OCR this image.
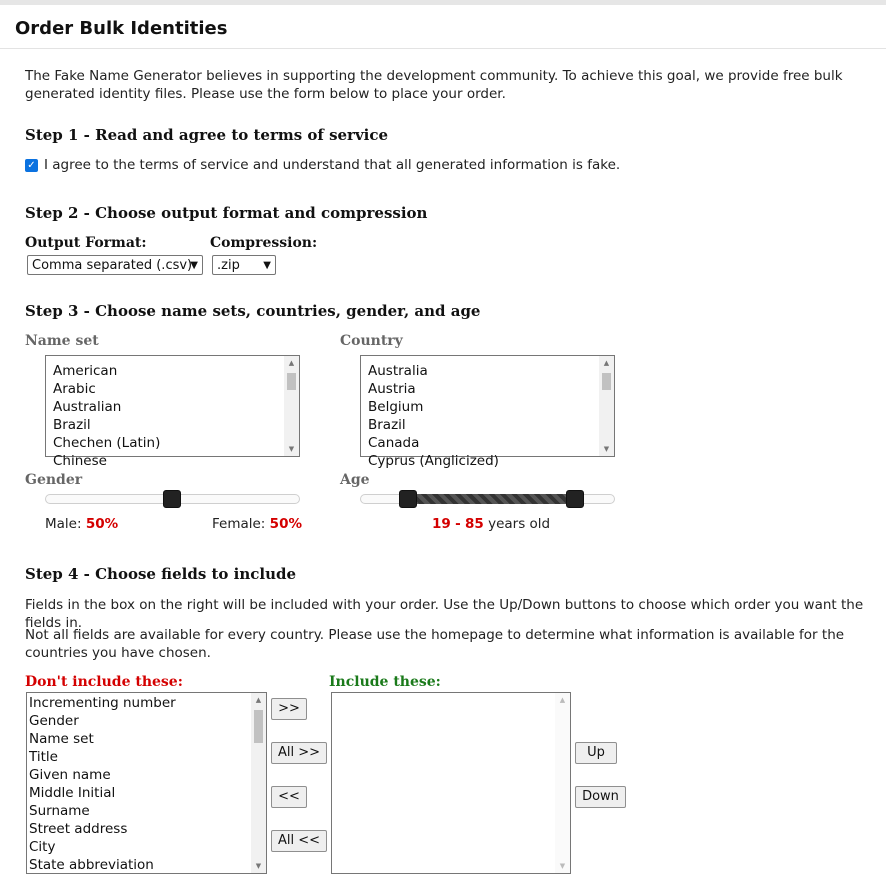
Order Bulk Identities
The Fake Name Generator believes in supporting the development community. To achieve this goal, we provide free bulk generated identity files. Please use the form below to place your order.
Step 1 - Read and agree to terms of service
✓ I agree to the terms of service and understand that all generated information is fake.
Step 2 - Choose output format and compression
Output Format:	Compression:
Comma separated (.csv)
▼	.zip ▼
Step 3 - Choose name sets, countries, gender, and age
Name set	Country
American
Arabic
Australian
Brazil
Chechen (Latin)
Chinese
▲
▼
Australia
Austria
Belgium
Brazil
Canada
Cyprus (Anglicized)
▲
▼
Gender	Age
Male: 50%	Female: 50%	19 - 85 years old
Step 4 - Choose fields to include
Fields in the box on the right will be included with your order. Use the Up/Down buttons to choose which order you want the fields in.
Not all fields are available for every country. Please use the homepage to determine what information is available for the countries you have chosen.
Don't include these:	Include these:
Incrementing number
Gender
Name set
Title
Given name
Middle Initial
Surname
Street address
City
State abbreviation
▲
▼
>>
All >>
<<
All <<
▲
▼
Up
Down
